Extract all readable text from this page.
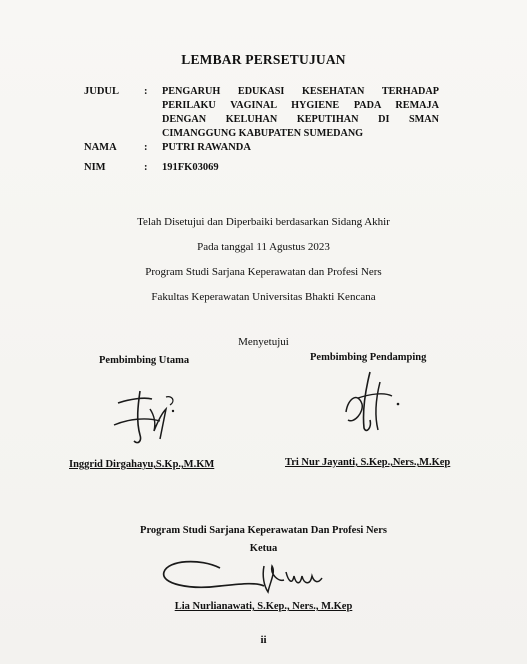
LEMBAR PERSETUJUAN
JUDUL : PENGARUH EDUKASI KESEHATAN TERHADAP
PERILAKU VAGINAL HYGIENE PADA REMAJA
DENGAN KELUHAN KEPUTIHAN DI SMAN
CIMANGGUNG KABUPATEN SUMEDANG
NAMA	: PUTRI RAWANDA
NIM	: 191FK03069
Telah Disetujui dan Diperbaiki berdasarkan Sidang Akhir
Pada tanggal 11 Agustus 2023
Program Studi Sarjana Keperawatan dan Profesi Ners
Fakultas Keperawatan Universitas Bhakti Kencana
Menyetujui
Pembimbing Utama	Pembimbing Pendamping
Inggrid Dirgahayu,S.Kp.,M.KM	Tri Nur Jayanti, S.Kep.,Ners.,M.Kep
Program Studi Sarjana Keperawatan Dan Profesi Ners
Ketua
Lia Nurlianawati, S.Kep., Ners., M.Kep
ii
